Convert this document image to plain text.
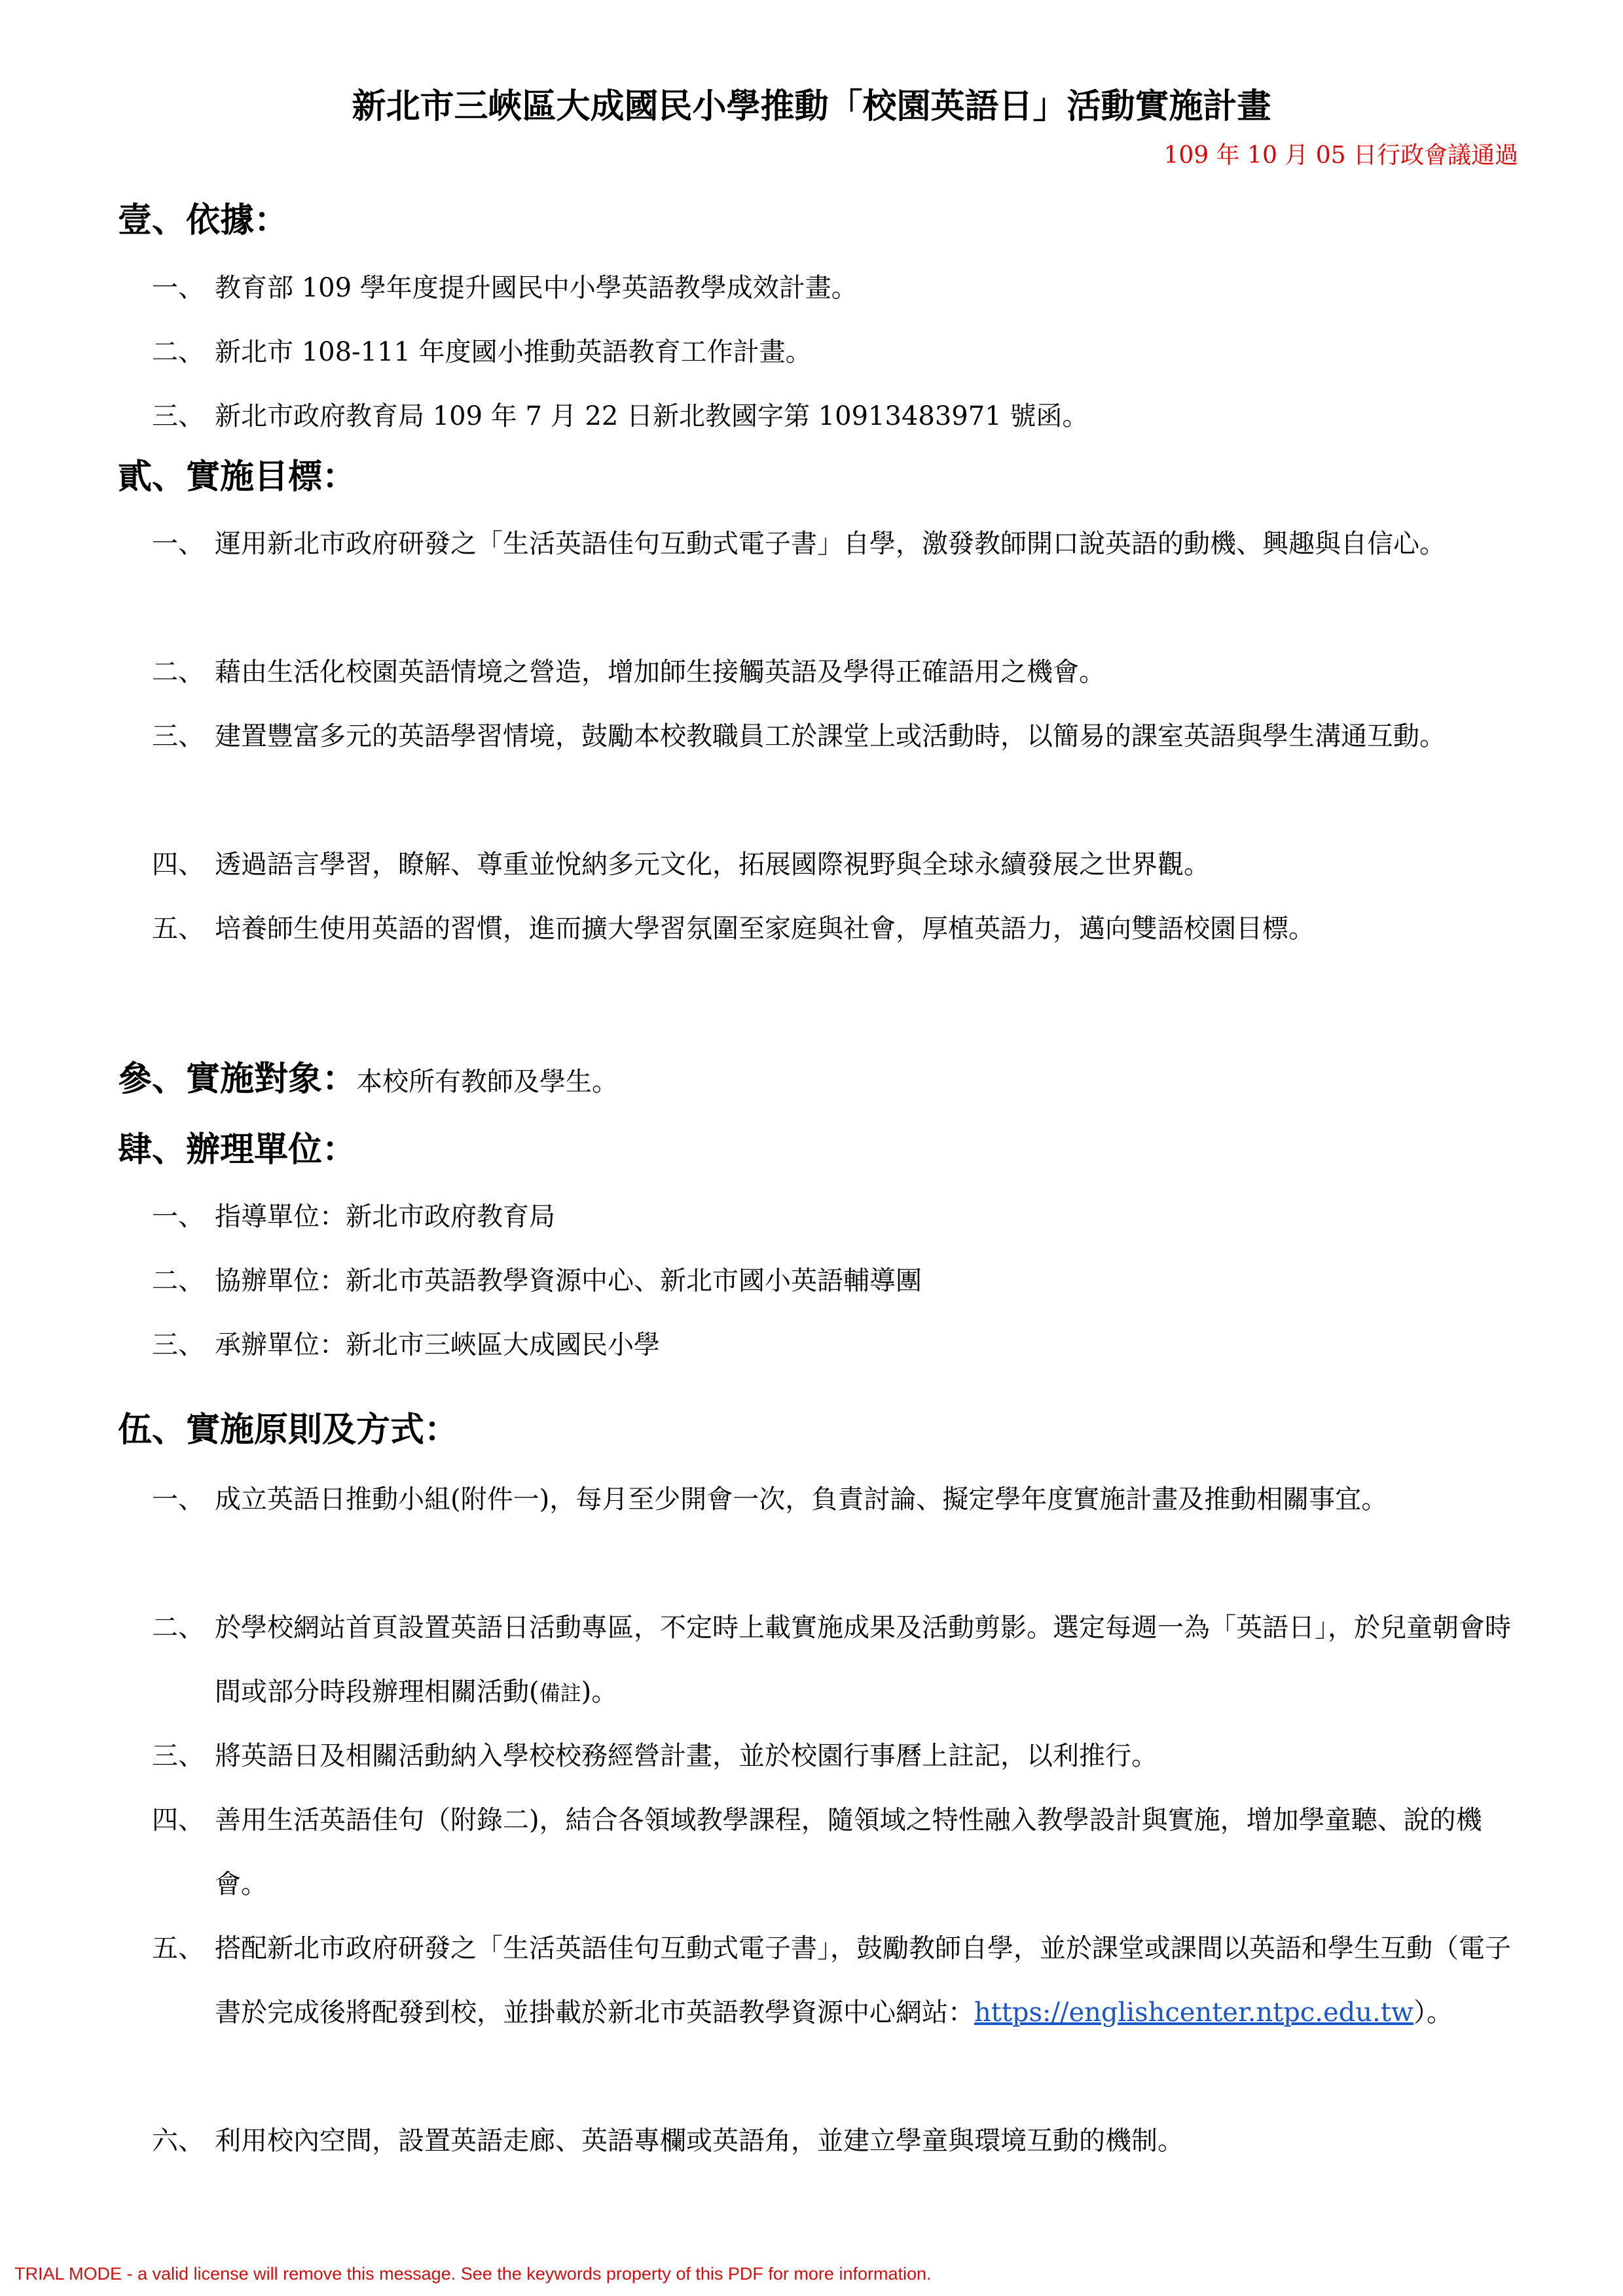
新北市三峽區大成國民小學推動「校園英語日」活動實施計畫
109 年 10 月 05 日行政會議通過
壹、依據：
一、 教育部 109 學年度提升國民中小學英語教學成效計畫。
二、 新北市 108-111 年度國小推動英語教育工作計畫。
三、 新北市政府教育局 109 年 7 月 22 日新北教國字第 10913483971 號函。
貳、實施目標：
一、 運用新北市政府研發之「生活英語佳句互動式電子書」自學，激發教師開口說英語的動機、興趣與自信心。
二、 藉由生活化校園英語情境之營造，增加師生接觸英語及學得正確語用之機會。
三、 建置豐富多元的英語學習情境，鼓勵本校教職員工於課堂上或活動時，以簡易的課室英語與學生溝通互動。
四、 透過語言學習，瞭解、尊重並悅納多元文化，拓展國際視野與全球永續發展之世界觀。
五、 培養師生使用英語的習慣，進而擴大學習氛圍至家庭與社會，厚植英語力，邁向雙語校園目標。
參、實施對象：本校所有教師及學生。
肆、辦理單位：
一、 指導單位：新北市政府教育局
二、 協辦單位：新北市英語教學資源中心、新北市國小英語輔導團
三、 承辦單位：新北市三峽區大成國民小學
伍、實施原則及方式：
一、 成立英語日推動小組(附件一)，每月至少開會一次，負責討論、擬定學年度實施計畫及推動相關事宜。
二、 於學校網站首頁設置英語日活動專區，不定時上載實施成果及活動剪影。選定每週一為「英語日」，於兒童朝會時間或部分時段辦理相關活動(備註)。
三、 將英語日及相關活動納入學校校務經營計畫，並於校園行事曆上註記，以利推行。
四、 善用生活英語佳句（附錄二)，結合各領域教學課程，隨領域之特性融入教學設計與實施，增加學童聽、說的機會。
五、 搭配新北市政府研發之「生活英語佳句互動式電子書」，鼓勵教師自學，並於課堂或課間以英語和學生互動（電子書於完成後將配發到校，並掛載於新北市英語教學資源中心網站：https://englishcenter.ntpc.edu.tw）。
六、 利用校內空間，設置英語走廊、英語專欄或英語角，並建立學童與環境互動的機制。
TRIAL MODE - a valid license will remove this message. See the keywords property of this PDF for more information.
